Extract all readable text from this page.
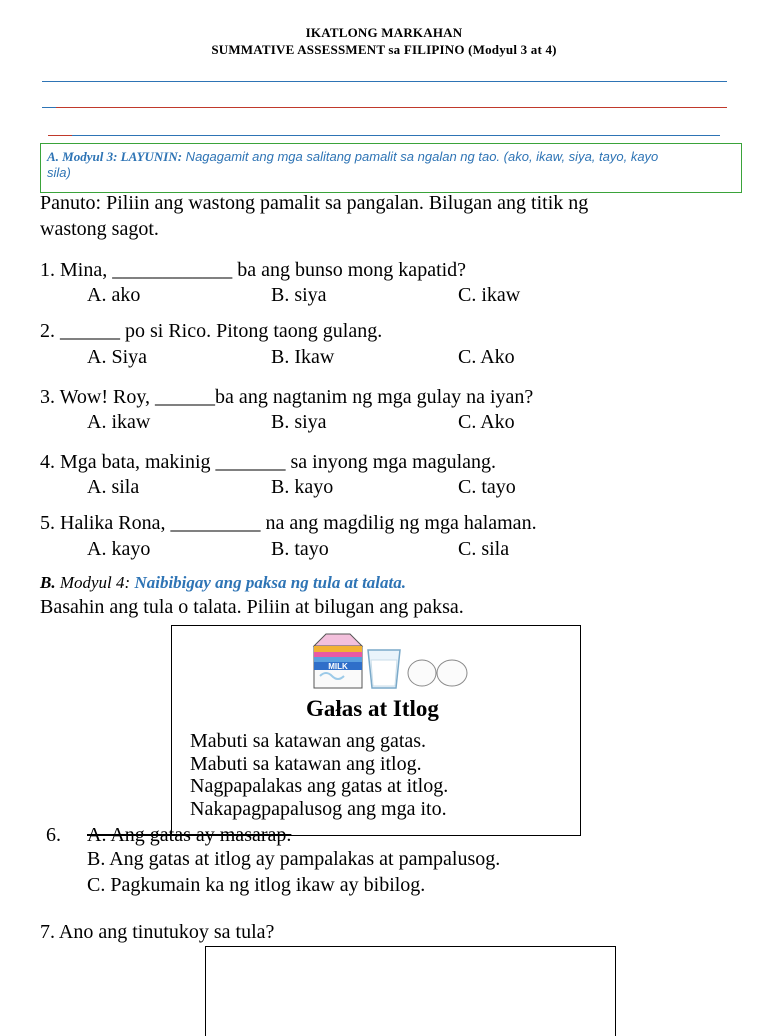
IKATLONG MARKAHAN
SUMMATIVE ASSESSMENT sa FILIPINO (Modyul 3 at 4)
A. Modyul 3: LAYUNIN: Nagagamit ang mga salitang pamalit sa ngalan ng tao. (ako, ikaw, siya, tayo, kayo
sila)
Panuto: Piliin ang wastong pamalit sa pangalan. Bilugan ang titik ng
wastong sagot.
1. Mina, ____________ ba ang bunso mong kapatid?
A. ako	B. siya	C. ikaw
2. ______ po si Rico. Pitong taong gulang.
A. Siya	B. Ikaw	C. Ako
3. Wow! Roy, ______ba ang nagtanim ng mga gulay na iyan?
A. ikaw	B. siya	C. Ako
4. Mga bata, makinig _______ sa inyong mga magulang.
A. sila	B. kayo	C. tayo
5. Halika Rona, _________ na ang magdilig ng mga halaman.
A. kayo	B. tayo	C. sila
B. Modyul 4: Naibibigay ang paksa ng tula at talata.
Basahin ang tula o talata. Piliin at bilugan ang paksa.
MILK
Gałas at Itlog
Mabuti sa katawan ang gatas.
Mabuti sa katawan ang itlog.
Nagpapalakas ang gatas at itlog.
Nakapagpapalusog ang mga ito.
6. A. Ang gatas ay masarap.
B. Ang gatas at itlog ay pampalakas at pampalusog.
C. Pagkumain ka ng itlog ikaw ay bibilog.
7. Ano ang tinutukoy sa tula?
